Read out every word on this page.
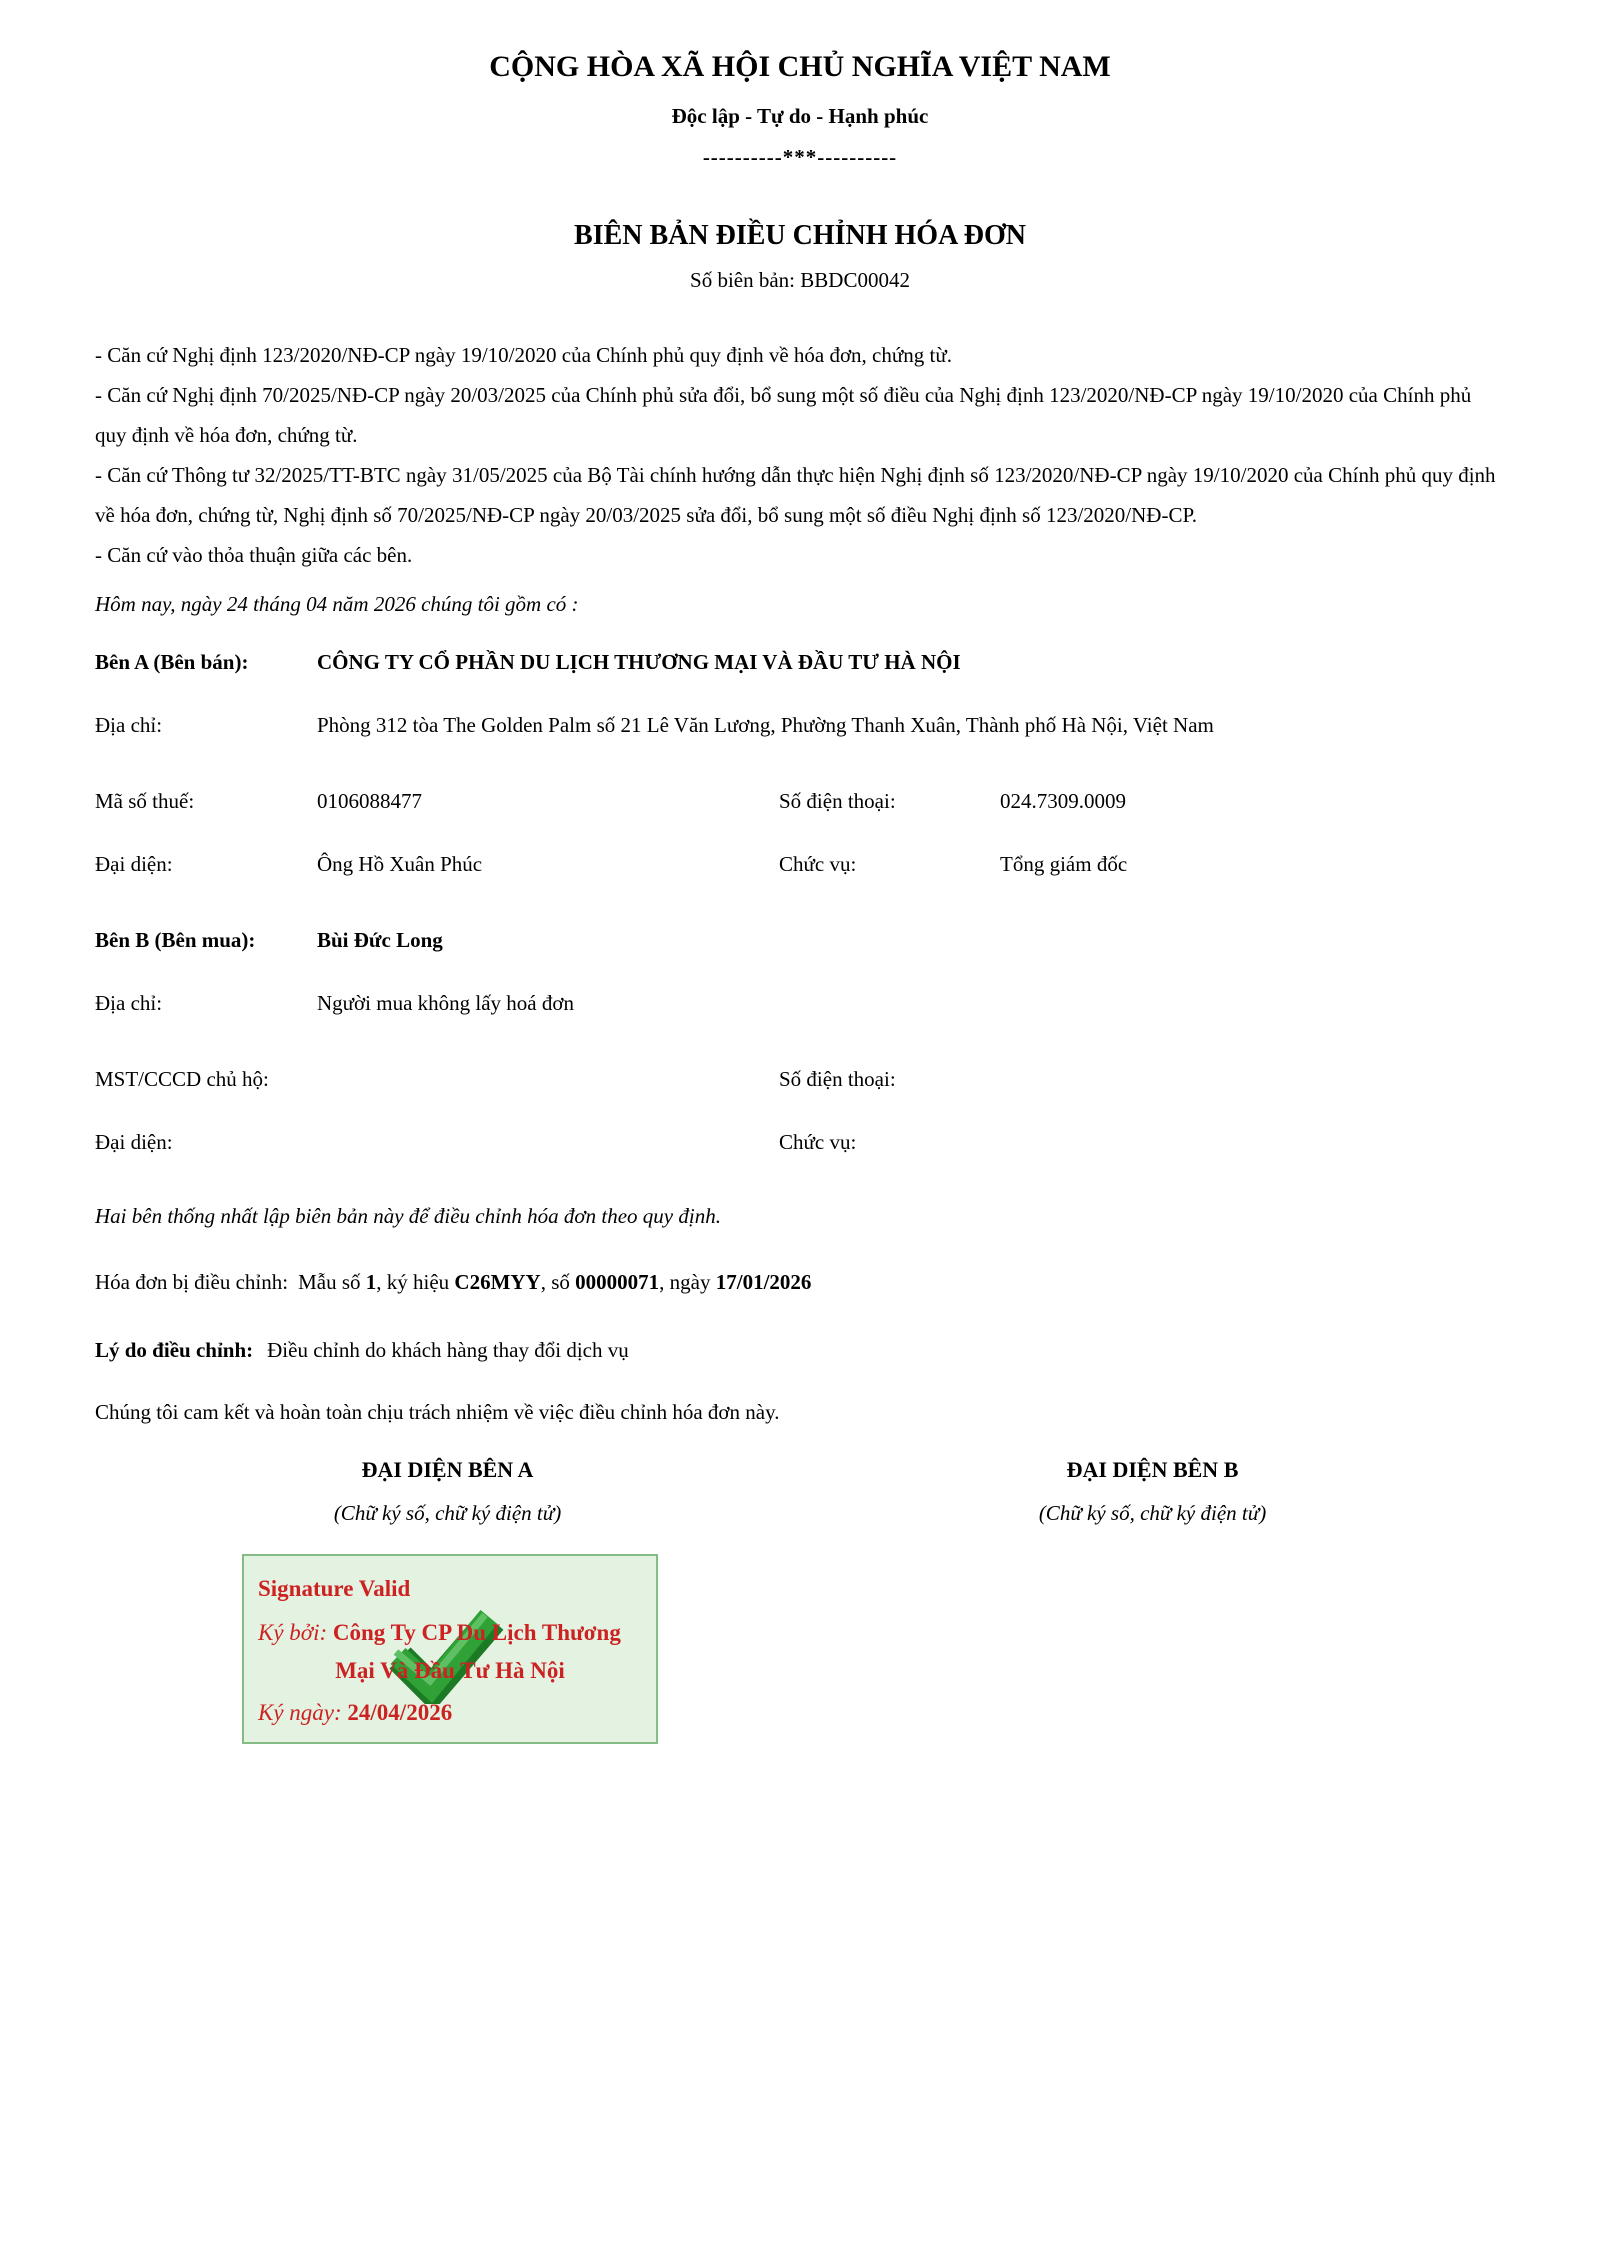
CỘNG HÒA XÃ HỘI CHỦ NGHĨA VIỆT NAM
Độc lập - Tự do - Hạnh phúc
----------***----------
BIÊN BẢN ĐIỀU CHỈNH HÓA ĐƠN
Số biên bản: BBDC00042

- Căn cứ Nghị định 123/2020/NĐ-CP ngày 19/10/2020 của Chính phủ quy định về hóa đơn, chứng từ.

- Căn cứ Nghị định 70/2025/NĐ-CP ngày 20/03/2025 của Chính phủ sửa đổi, bổ sung một số điều của Nghị định 123/2020/NĐ-CP ngày 19/10/2020 của Chính phủ quy định về hóa đơn, chứng từ.

- Căn cứ Thông tư 32/2025/TT-BTC ngày 31/05/2025 của Bộ Tài chính hướng dẫn thực hiện Nghị định số 123/2020/NĐ-CP ngày 19/10/2020 của Chính phủ quy định về hóa đơn, chứng từ, Nghị định số 70/2025/NĐ-CP ngày 20/03/2025 sửa đổi, bổ sung một số điều Nghị định số 123/2020/NĐ-CP.

- Căn cứ vào thỏa thuận giữa các bên.

Hôm nay, ngày 24 tháng 04 năm 2026 chúng tôi gồm có :

Bên A (Bên bán):	CÔNG TY CỔ PHẦN DU LỊCH THƯƠNG MẠI VÀ ĐẦU TƯ HÀ NỘI
Địa chỉ:	Phòng 312 tòa The Golden Palm số 21 Lê Văn Lương, Phường Thanh Xuân, Thành phố Hà Nội, Việt Nam
Mã số thuế:	0106088477	Số điện thoại:	024.7309.0009
Đại diện:	Ông Hồ Xuân Phúc	Chức vụ:	Tổng giám đốc
Bên B (Bên mua):	Bùi Đức Long
Địa chỉ:	Người mua không lấy hoá đơn
MST/CCCD chủ hộ:	Số điện thoại:
Đại diện:	Chức vụ:

Hai bên thống nhất lập biên bản này để điều chỉnh hóa đơn theo quy định.

Hóa đơn bị điều chỉnh: Mẫu số 1, ký hiệu C26MYY, số 00000071, ngày 17/01/2026

Lý do điều chỉnh: Điều chỉnh do khách hàng thay đổi dịch vụ

Chúng tôi cam kết và hoàn toàn chịu trách nhiệm về việc điều chỉnh hóa đơn này.

ĐẠI DIỆN BÊN A
(Chữ ký số, chữ ký điện tử)
ĐẠI DIỆN BÊN B
(Chữ ký số, chữ ký điện tử)
Signature Valid
Ký bởi: Công Ty CP Du Lịch Thương
Mại Và Đầu Tư Hà Nội
Ký ngày: 24/04/2026
